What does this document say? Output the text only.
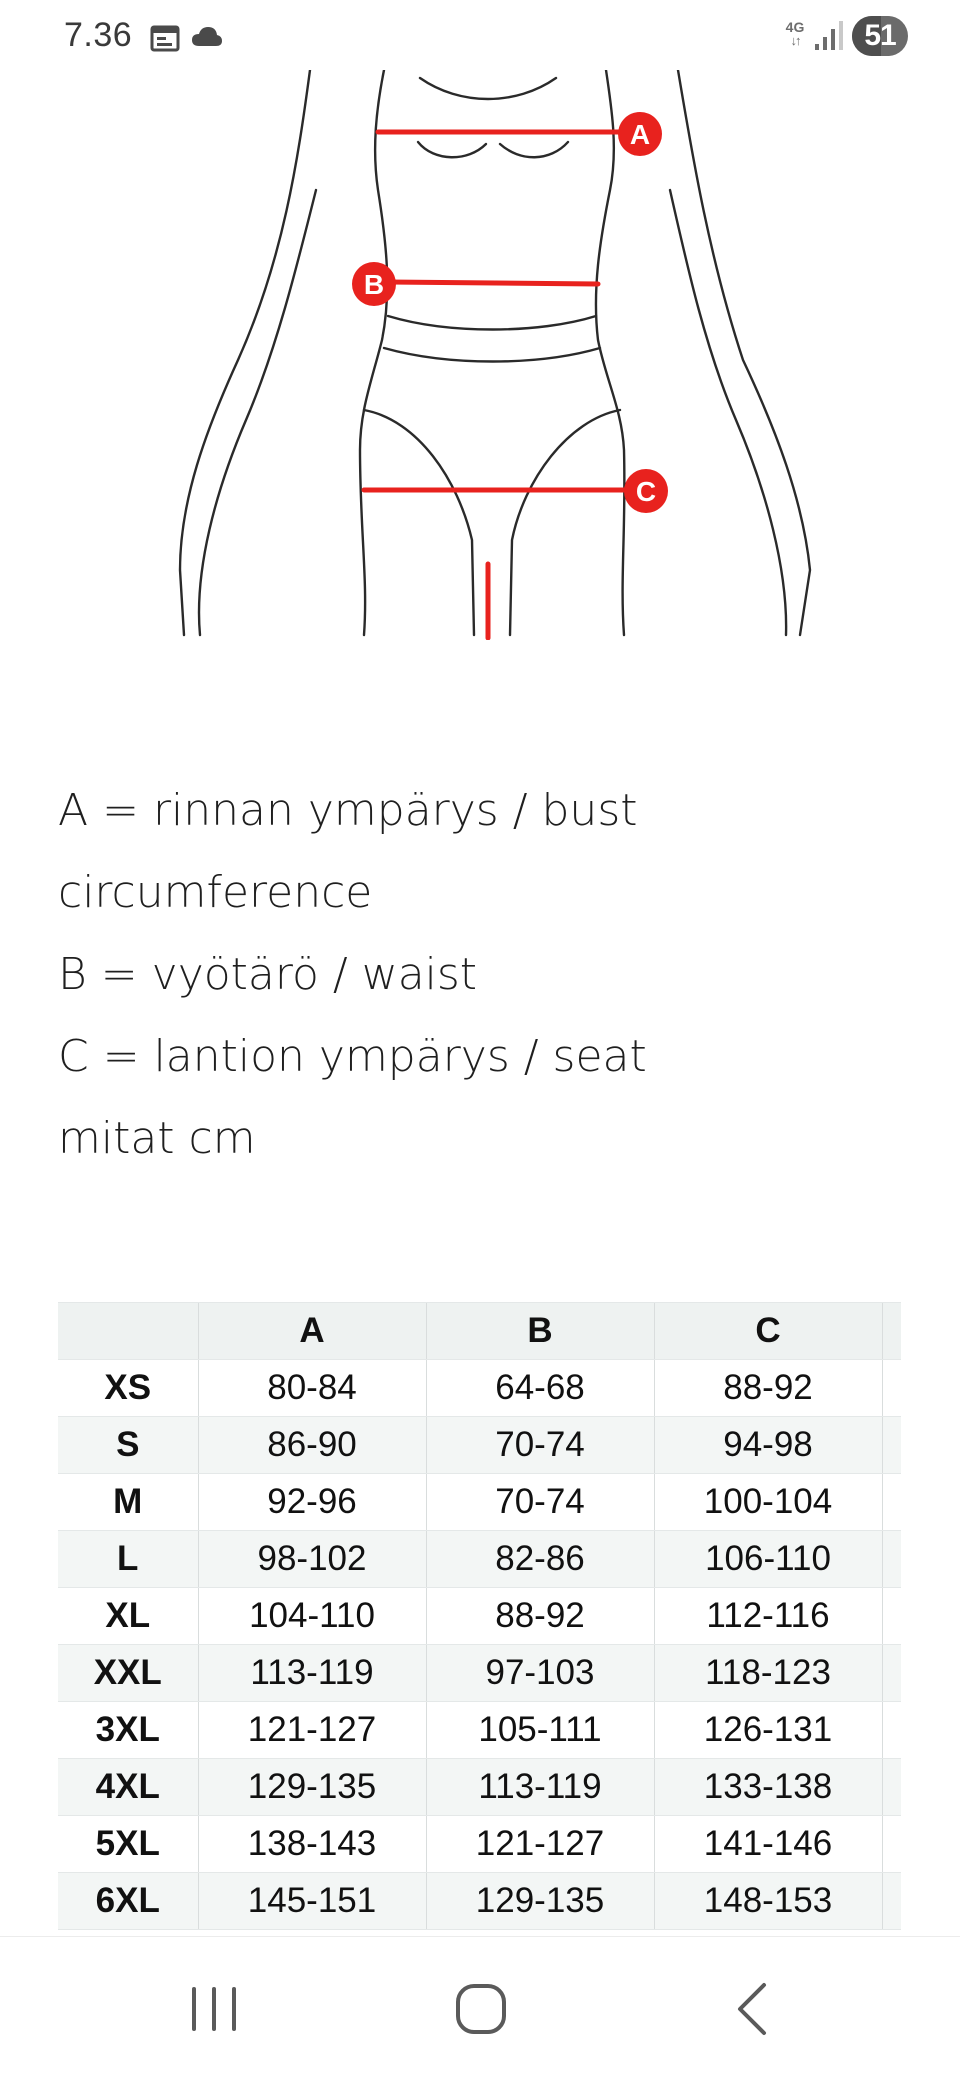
7.36	4G
↓↑	51
A
B
C

A = rinnan ympärys / bust circumference

B = vyötärö / waist

C = lantion ympärys / seat

mitat cm

	A	B	C	
XS	80-84	64-68	88-92	
S	86-90	70-74	94-98	
M	92-96	70-74	100-104	
L	98-102	82-86	106-110	
XL	104-110	88-92	112-116	
XXL	113-119	97-103	118-123	
3XL	121-127	105-111	126-131	
4XL	129-135	113-119	133-138	
5XL	138-143	121-127	141-146	
6XL	145-151	129-135	148-153	
